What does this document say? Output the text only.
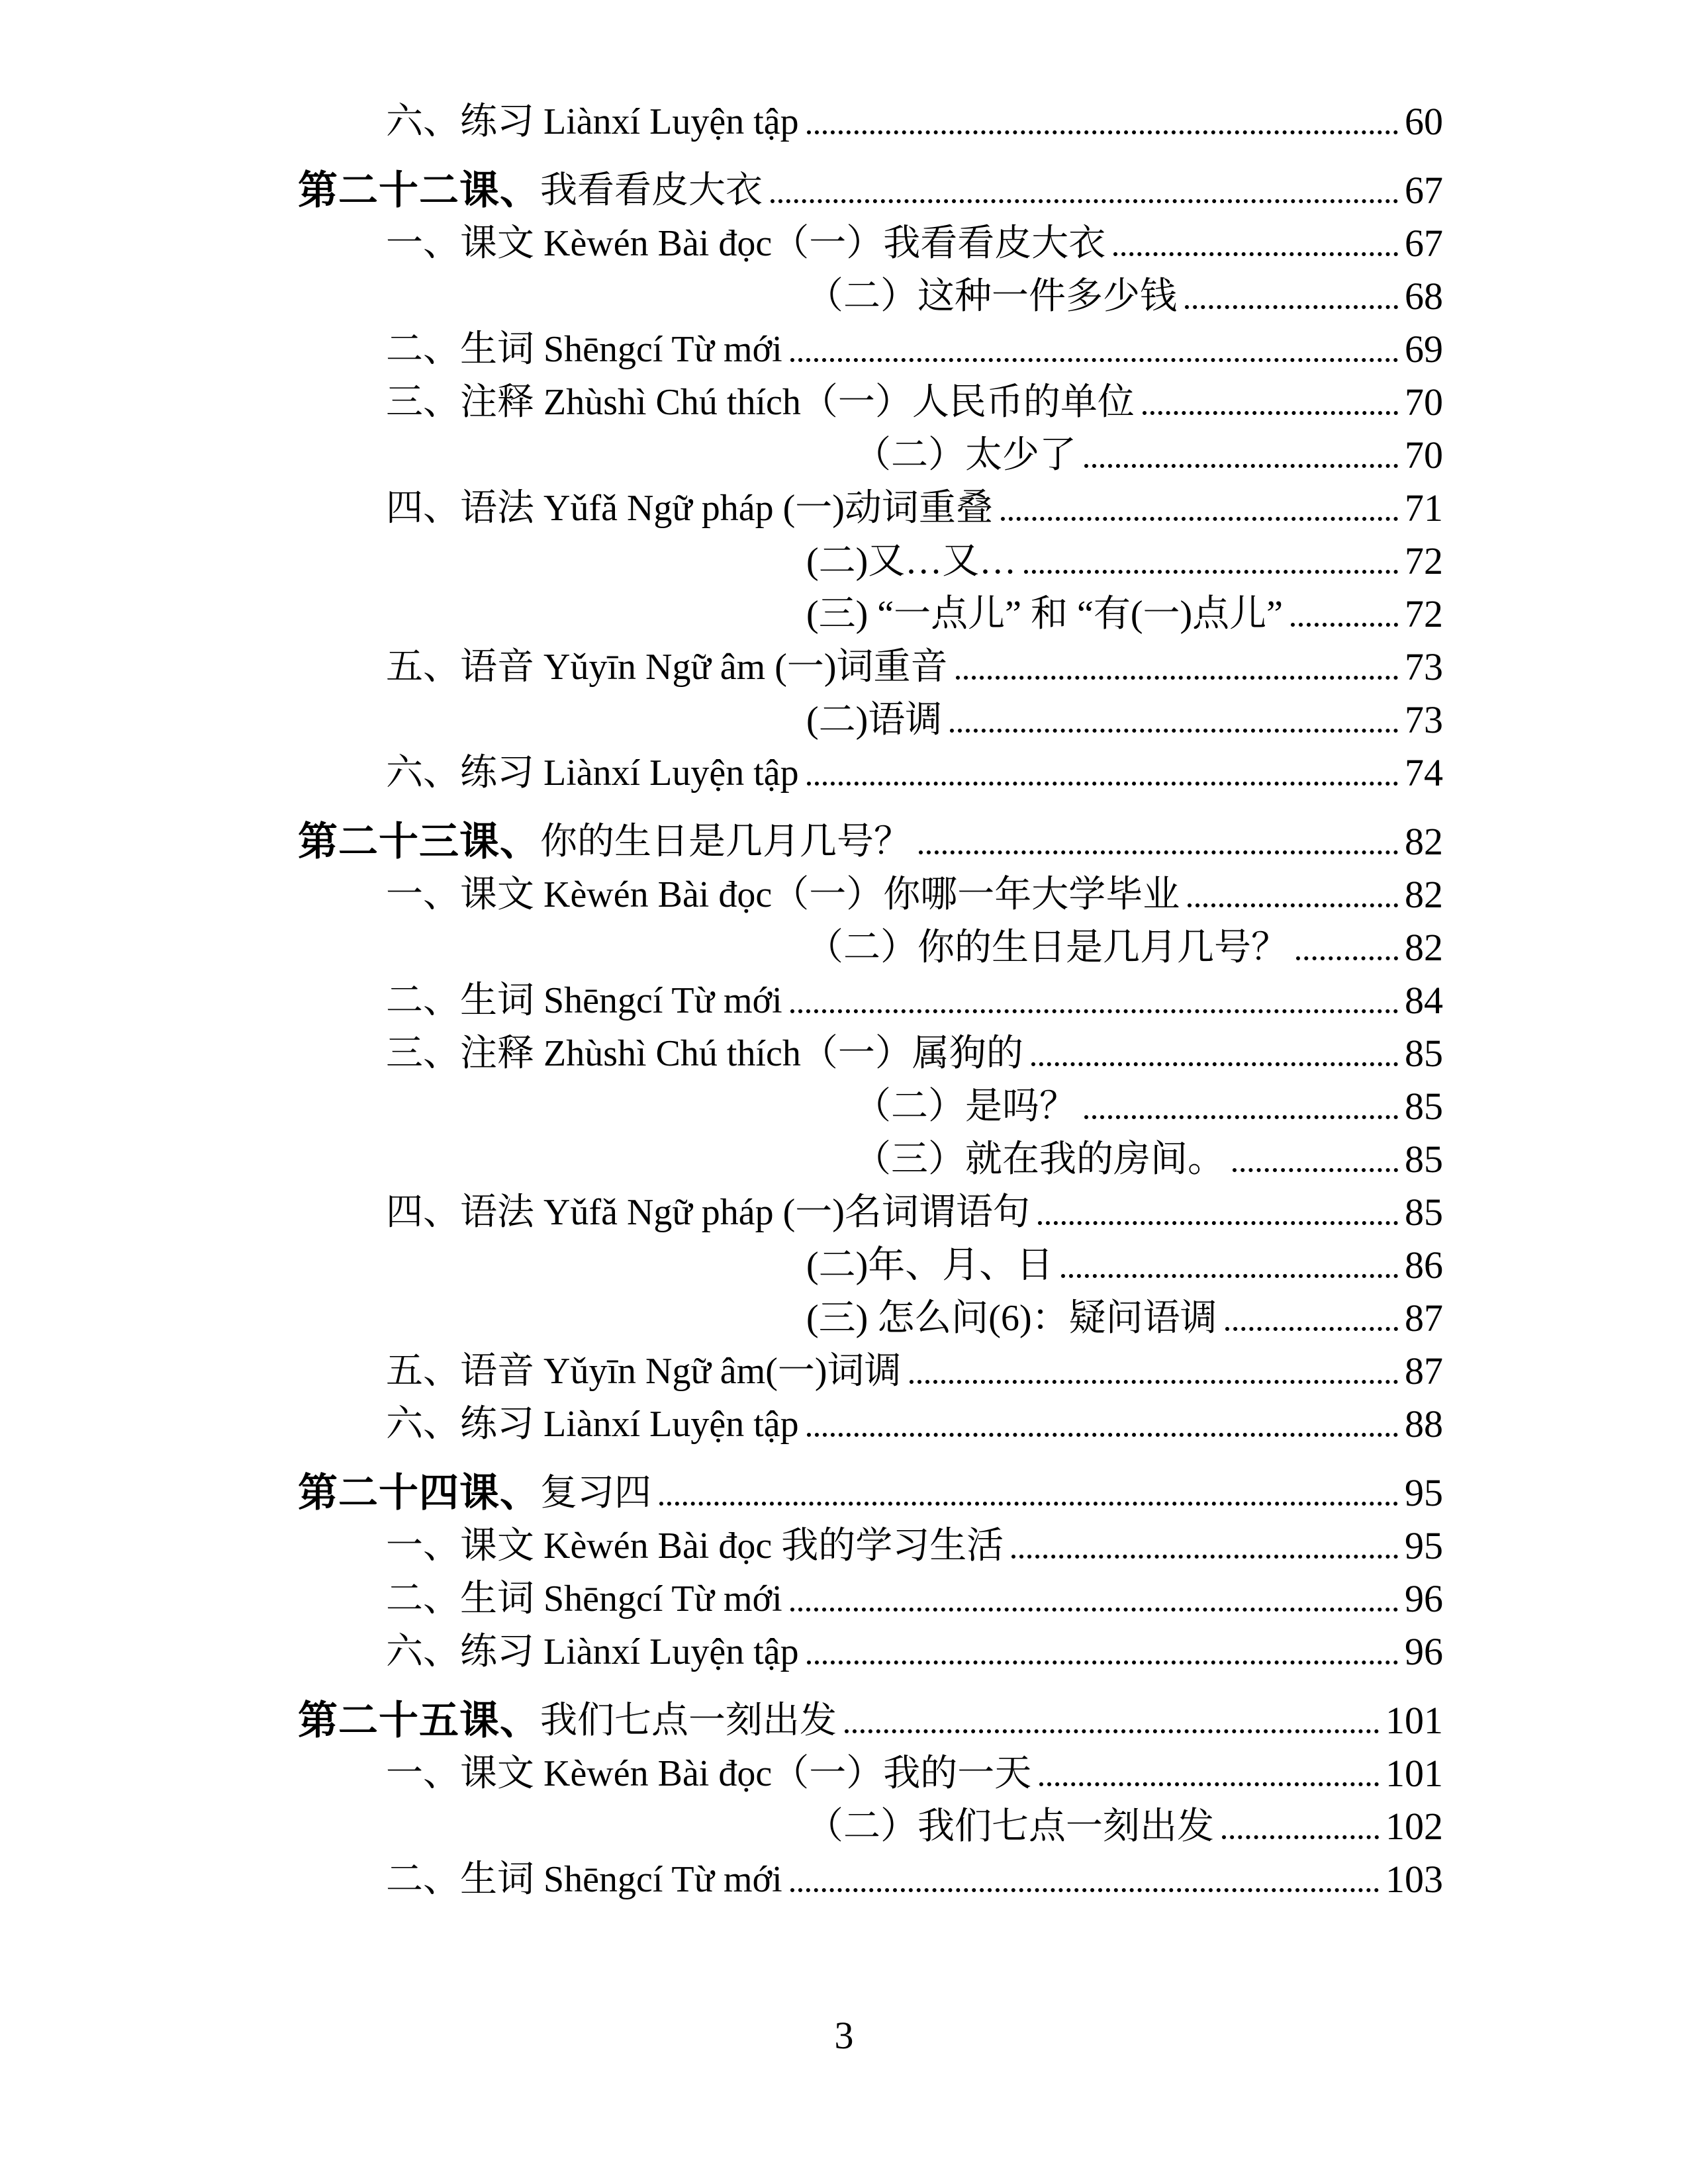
六、练习 Liànxí Luyện tập	60
第二十二课、 我看看皮大衣	67
一、课文 Kèwén Bài đọc（一）我看看皮大衣	67
（二）这种一件多少钱	68
二、生词 Shēngcí Từ mới	69
三、注释 Zhùshì Chú thích（一）人民币的单位	70
（二）太少了	70
四、语法 Yǔfǎ Ngữ pháp (一)动词重叠	71
(二)又…又…	72
(三) “一点儿” 和 “有(一)点儿”	72
五、语音 Yǔyīn Ngữ âm (一)词重音	73
(二)语调	73
六、练习 Liànxí Luyện tập	74
第二十三课、 你的生日是几月几号？	82
一、课文 Kèwén Bài đọc（一）你哪一年大学毕业	82
（二）你的生日是几月几号？	82
二、生词 Shēngcí Từ mới	84
三、注释 Zhùshì Chú thích（一）属狗的	85
（二）是吗？	85
（三）就在我的房间。	85
四、语法 Yǔfǎ Ngữ pháp (一)名词谓语句	85
(二)年、月、日	86
(三) 怎么问(6)：疑问语调	87
五、语音 Yǔyīn Ngữ âm(一)词调	87
六、练习 Liànxí Luyện tập	88
第二十四课、 复习四	95
一、课文 Kèwén Bài đọc 我的学习生活	95
二、生词 Shēngcí Từ mới	96
六、练习 Liànxí Luyện tập	96
第二十五课、 我们七点一刻出发	101
一、课文 Kèwén Bài đọc（一）我的一天	101
（二）我们七点一刻出发	102
二、生词 Shēngcí Từ mới	103
3
